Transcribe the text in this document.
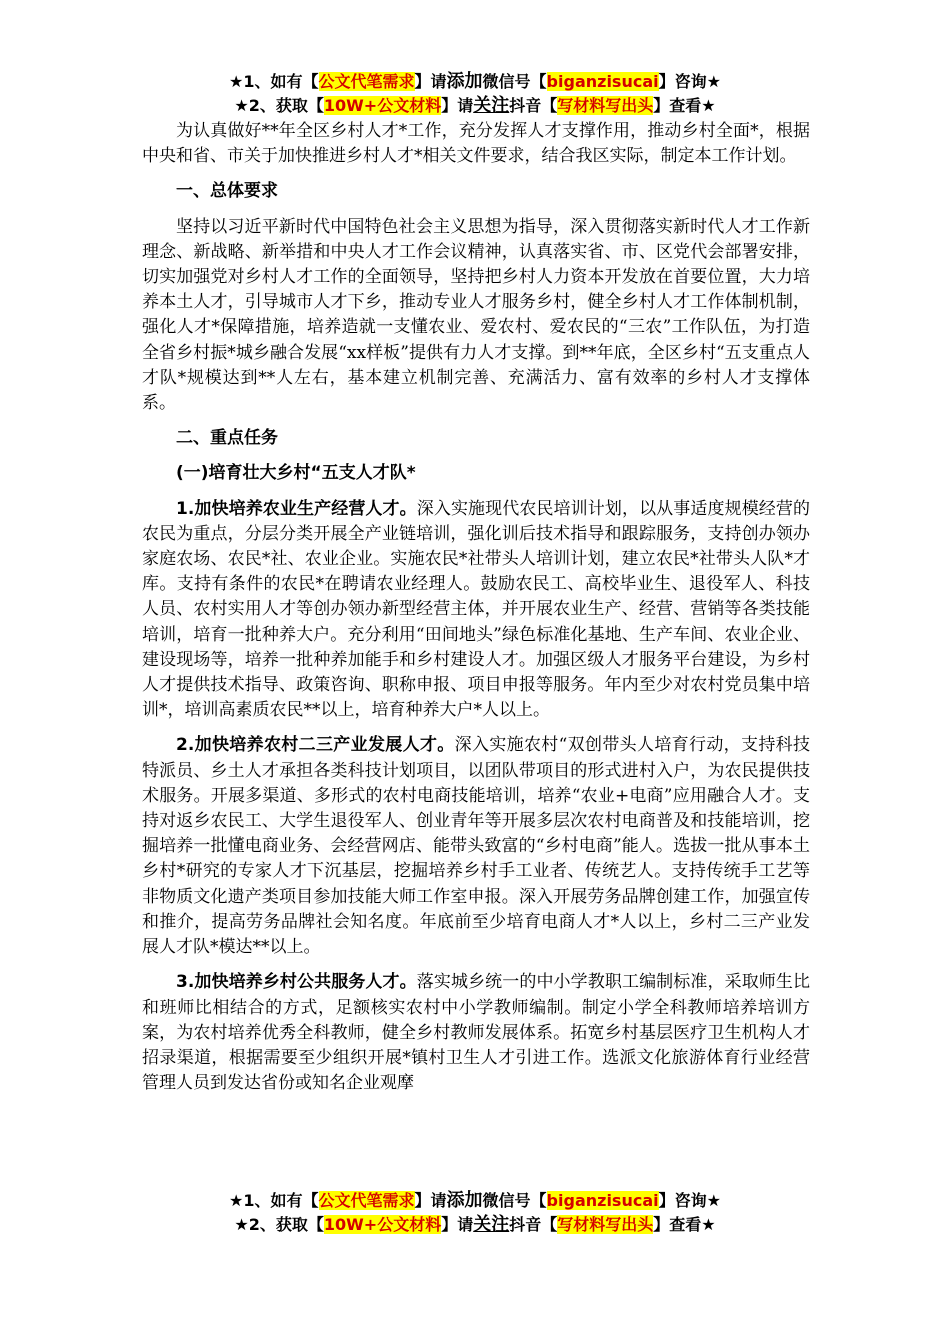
★1、如有【公文代笔需求】请添加微信号【biganzisucai】咨询★
★2、获取【10W+公文材料】请关注抖音【写材料写出头】查看★

为认真做好**年全区乡村人才*工作，充分发挥人才支撑作用，推动乡村全面*，根据中央和省、市关于加快推进乡村人才*相关文件要求，结合我区实际，制定本工作计划。

一、总体要求

坚持以习近平新时代中国特色社会主义思想为指导，深入贯彻落实新时代人才工作新理念、新战略、新举措和中央人才工作会议精神，认真落实省、市、区党代会部署安排，切实加强党对乡村人才工作的全面领导，坚持把乡村人力资本开发放在首要位置，大力培养本土人才，引导城市人才下乡，推动专业人才服务乡村，健全乡村人才工作体制机制，强化人才*保障措施，培养造就一支懂农业、爱农村、爱农民的“三农”工作队伍，为打造全省乡村振*城乡融合发展“xx样板”提供有力人才支撑。到**年底，全区乡村“五支重点人才队*规模达到**人左右，基本建立机制完善、充满活力、富有效率的乡村人才支撑体系。

二、重点任务

(一)培育壮大乡村“五支人才队*

1.加快培养农业生产经营人才。深入实施现代农民培训计划，以从事适度规模经营的农民为重点，分层分类开展全产业链培训，强化训后技术指导和跟踪服务，支持创办领办家庭农场、农民*社、农业企业。实施农民*社带头人培训计划，建立农民*社带头人队*才库。支持有条件的农民*在聘请农业经理人。鼓励农民工、高校毕业生、退役军人、科技人员、农村实用人才等创办领办新型经营主体，并开展农业生产、经营、营销等各类技能培训，培育一批种养大户。充分利用“田间地头”绿色标准化基地、生产车间、农业企业、建设现场等，培养一批种养加能手和乡村建设人才。加强区级人才服务平台建设，为乡村人才提供技术指导、政策咨询、职称申报、项目申报等服务。年内至少对农村党员集中培训*，培训高素质农民**以上，培育种养大户*人以上。

2.加快培养农村二三产业发展人才。深入实施农村“双创带头人培育行动，支持科技特派员、乡土人才承担各类科技计划项目，以团队带项目的形式进村入户，为农民提供技术服务。开展多渠道、多形式的农村电商技能培训，培养“农业+电商”应用融合人才。支持对返乡农民工、大学生退役军人、创业青年等开展多层次农村电商普及和技能培训，挖掘培养一批懂电商业务、会经营网店、能带头致富的“乡村电商”能人。选拔一批从事本土乡村*研究的专家人才下沉基层，挖掘培养乡村手工业者、传统艺人。支持传统手工艺等非物质文化遗产类项目参加技能大师工作室申报。深入开展劳务品牌创建工作，加强宣传和推介，提高劳务品牌社会知名度。年底前至少培育电商人才*人以上，乡村二三产业发展人才队*模达**以上。

3.加快培养乡村公共服务人才。落实城乡统一的中小学教职工编制标准，采取师生比和班师比相结合的方式，足额核实农村中小学教师编制。制定小学全科教师培养培训方案，为农村培养优秀全科教师，健全乡村教师发展体系。拓宽乡村基层医疗卫生机构人才招录渠道，根据需要至少组织开展*镇村卫生人才引进工作。选派文化旅游体育行业经营管理人员到发达省份或知名企业观摩

★1、如有【公文代笔需求】请添加微信号【biganzisucai】咨询★
★2、获取【10W+公文材料】请关注抖音【写材料写出头】查看★
